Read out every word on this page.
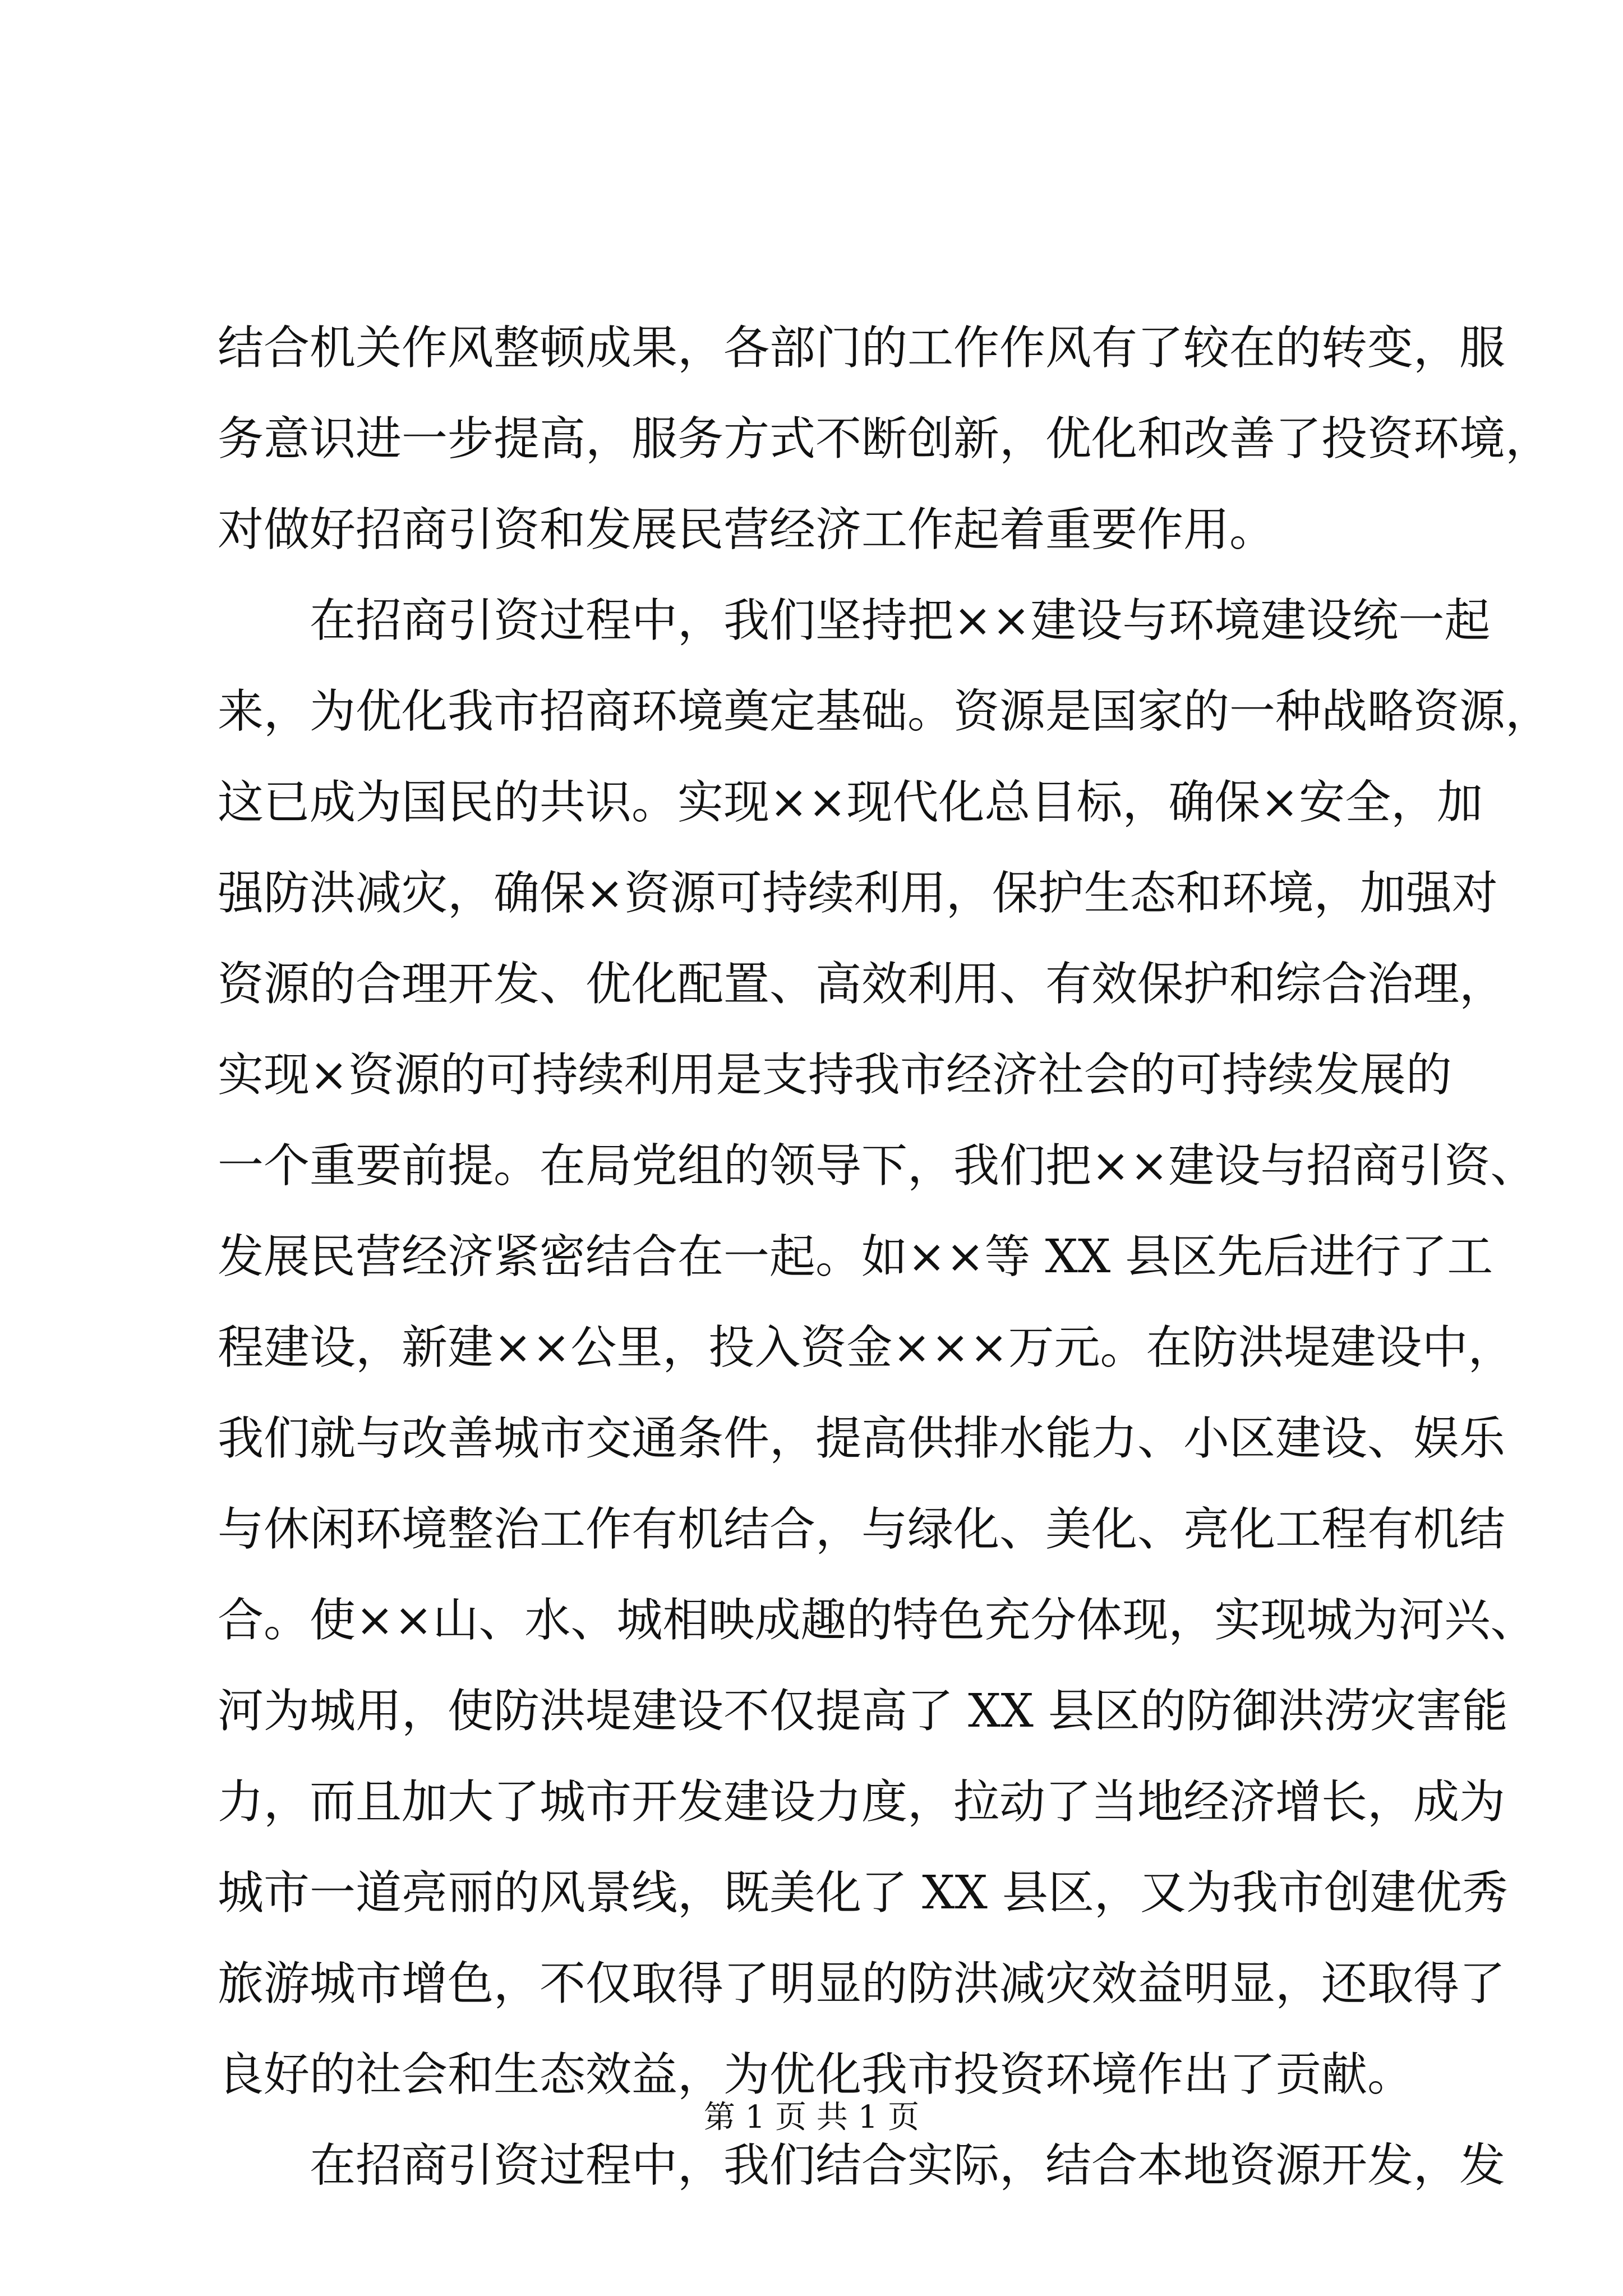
结合机关作风整顿成果，各部门的工作作风有了较在的转变，服
务意识进一步提高，服务方式不断创新，优化和改善了投资环境，
对做好招商引资和发展民营经济工作起着重要作用。
在招商引资过程中，我们坚持把××建设与环境建设统一起
来，为优化我市招商环境奠定基础。资源是国家的一种战略资源，
这已成为国民的共识。实现××现代化总目标，确保×安全，加
强防洪减灾，确保×资源可持续利用，保护生态和环境，加强对
资源的合理开发、优化配置、高效利用、有效保护和综合治理，
实现×资源的可持续利用是支持我市经济社会的可持续发展的
一个重要前提。在局党组的领导下，我们把××建设与招商引资、
发展民营经济紧密结合在一起。如××等 XX 县区先后进行了工
程建设，新建××公里，投入资金×××万元。在防洪堤建设中，
我们就与改善城市交通条件，提高供排水能力、小区建设、娱乐
与休闲环境整治工作有机结合，与绿化、美化、亮化工程有机结
合。使××山、水、城相映成趣的特色充分体现，实现城为河兴、
河为城用，使防洪堤建设不仅提高了 XX 县区的防御洪涝灾害能
力，而且加大了城市开发建设力度，拉动了当地经济增长，成为
城市一道亮丽的风景线，既美化了 XX 县区，又为我市创建优秀
旅游城市增色，不仅取得了明显的防洪减灾效益明显，还取得了
良好的社会和生态效益，为优化我市投资环境作出了贡献。
在招商引资过程中，我们结合实际，结合本地资源开发，发
第 1 页 共 1 页
